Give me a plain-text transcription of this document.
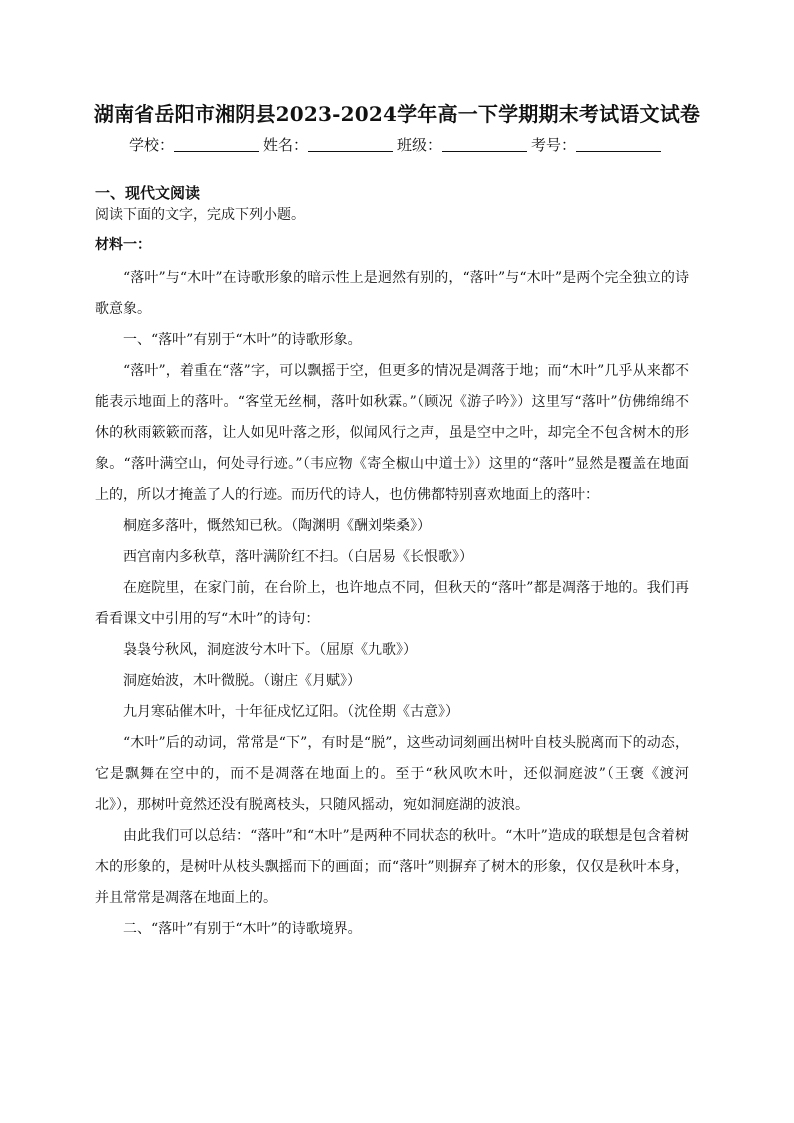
湖南省岳阳市湘阴县2023-2024学年高一下学期期末考试语文试卷
学校：	姓名：	班级：	考号：
一、现代文阅读
阅读下面的文字，完成下列小题。
材料一：

“落叶”与“木叶”在诗歌形象的暗示性上是迥然有别的，“落叶”与“木叶”是两个完全独立的诗歌意象。

一、“落叶”有别于“木叶”的诗歌形象。

“落叶”，着重在“落”字，可以飘摇于空，但更多的情况是凋落于地；而“木叶”几乎从来都不能表示地面上的落叶。“客堂无丝桐，落叶如秋霖。”（顾况《游子吟》）这里写“落叶”仿佛绵绵不休的秋雨簌簌而落，让人如见叶落之形，似闻风行之声，虽是空中之叶，却完全不包含树木的形象。“落叶满空山，何处寻行迹。”（韦应物《寄全椒山中道士》）这里的“落叶”显然是覆盖在地面上的，所以才掩盖了人的行迹。而历代的诗人，也仿佛都特别喜欢地面上的落叶：

桐庭多落叶，慨然知已秋。（陶渊明《酬刘柴桑》）

西宫南内多秋草，落叶满阶红不扫。（白居易《长恨歌》）

在庭院里，在家门前，在台阶上，也许地点不同，但秋天的“落叶”都是凋落于地的。我们再看看课文中引用的写“木叶”的诗句：

袅袅兮秋风，洞庭波兮木叶下。（屈原《九歌》）

洞庭始波，木叶微脱。（谢庄《月赋》）

九月寒砧催木叶，十年征戍忆辽阳。（沈佺期《古意》）

“木叶”后的动词，常常是“下”，有时是“脱”，这些动词刻画出树叶自枝头脱离而下的动态，它是飘舞在空中的，而不是凋落在地面上的。至于“秋风吹木叶，还似洞庭波”（王褒《渡河北》），那树叶竟然还没有脱离枝头，只随风摇动，宛如洞庭湖的波浪。

由此我们可以总结：“落叶”和“木叶”是两种不同状态的秋叶。“木叶”造成的联想是包含着树木的形象的，是树叶从枝头飘摇而下的画面；而“落叶”则摒弃了树木的形象，仅仅是秋叶本身，并且常常是凋落在地面上的。

二、“落叶”有别于“木叶”的诗歌境界。
